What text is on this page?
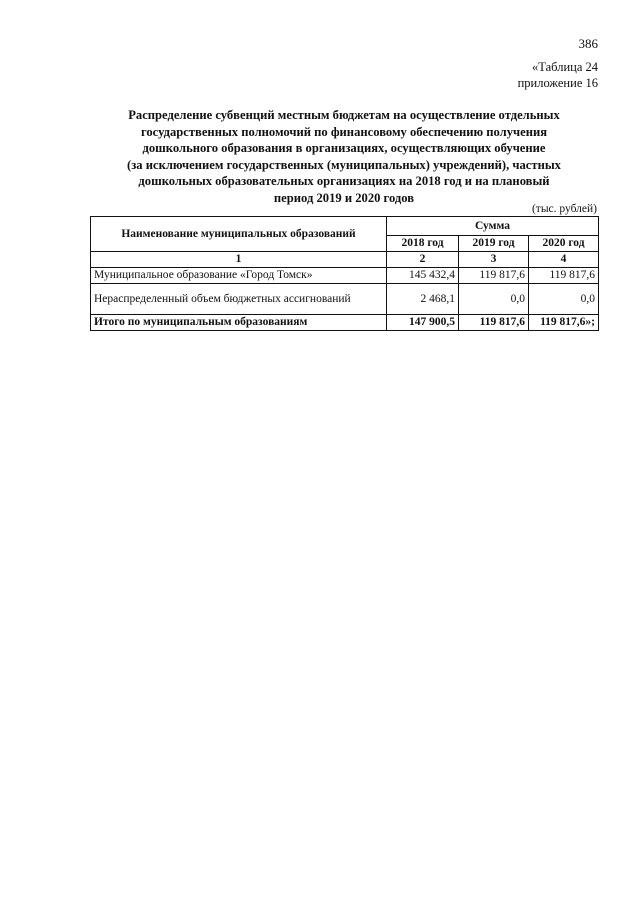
386
«Таблица 24
приложение 16
Распределение субвенций местным бюджетам на осуществление отдельных
государственных полномочий по финансовому обеспечению получения
дошкольного образования в организациях, осуществляющих обучение
(за исключением государственных (муниципальных) учреждений), частных
дошкольных образовательных организациях на 2018 год и на плановый
период 2019 и 2020 годов
(тыс. рублей)
Наименование муниципальных образований	Сумма		
	2018 год	2019 год	2020 год
1	2	3	4
Муниципальное образование «Город Томск»	145 432,4	119 817,6	119 817,6
Нераспределенный объем бюджетных ассигнований	2 468,1	0,0	0,0
Итого по муниципальным образованиям	147 900,5	119 817,6	119 817,6»;
